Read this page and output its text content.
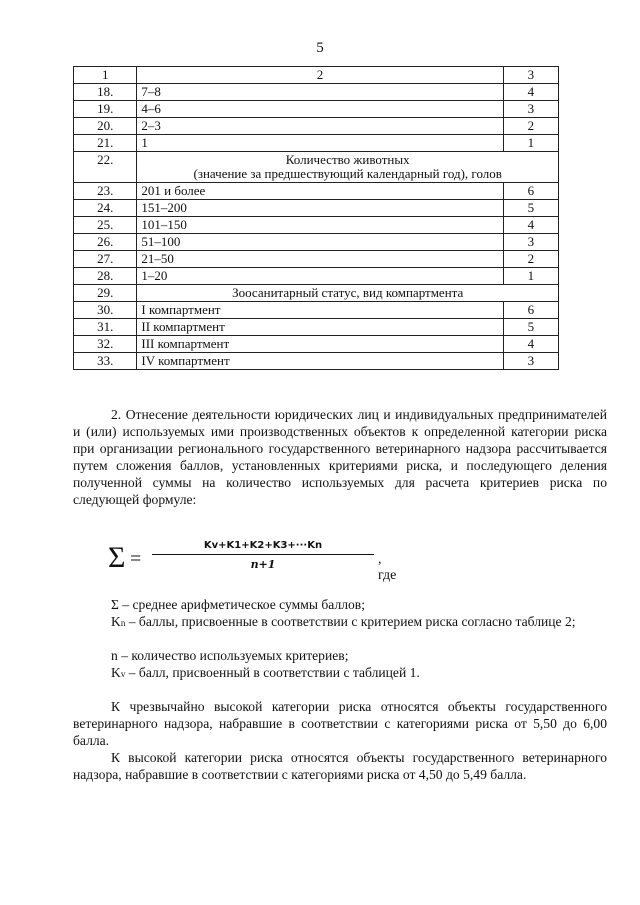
5
1	2	3
18.	7–8	4
19.	4–6	3
20.	2–3	2
21.	1	1
22.	Количество животных
(значение за предшествующий календарный год), голов	

23.	201 и более	6
24.	151–200	5
25.	101–150	4
26.	51–100	3
27.	21–50	2
28.	1–20	1
29.	Зоосанитарный статус, вид компартмента	
30.	I компартмент	6
31.	II компартмент	5
32.	III компартмент	4
33.	IV компартмент	3

2. Отнесение деятельности юридических лиц и индивидуальных предпринимателей и (или) используемых ими производственных объектов к определенной категории риска при организации регионального государственного ветеринарного надзора рассчитывается путем сложения баллов, установленных критериями риска, и последующего деления полученной суммы на количество используемых для расчета критериев риска по следующей формуле:

$\Sigma = \frac{Kv+K1+K2+K3+\cdot\cdot\cdot Kn}{n+1}$ , где

Σ – среднее арифметическое суммы баллов;

Kn – баллы, присвоенные в соответствии с критерием риска согласно таблице 2;

n – количество используемых критериев;

Kv – балл, присвоенный в соответствии с таблицей 1.

К чрезвычайно высокой категории риска относятся объекты государственного ветеринарного надзора, набравшие в соответствии с категориями риска от 5,50 до 6,00 балла.

К высокой категории риска относятся объекты государственного ветеринарного надзора, набравшие в соответствии с категориями риска от 4,50 до 5,49 балла.
